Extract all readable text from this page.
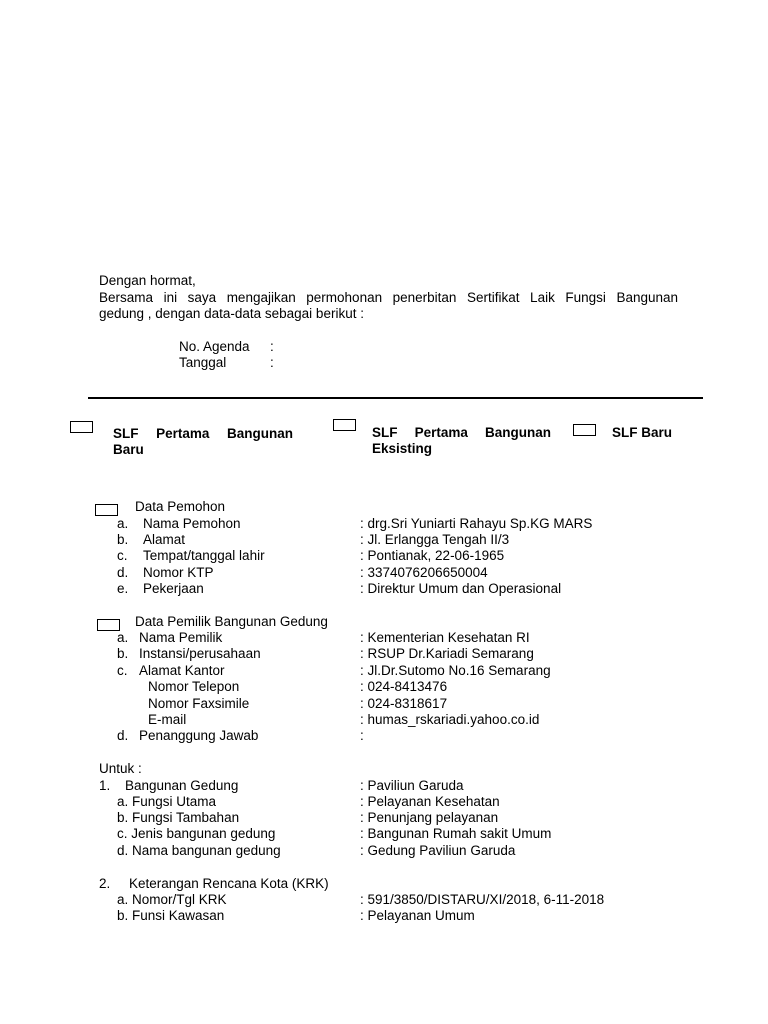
Dengan hormat,
Bersama ini saya mengajikan permohonan penerbitan Sertifikat Laik Fungsi Bangunan
gedung , dengan data-data sebagai berikut :
No. Agenda :
Tanggal	:
SLF Pertama Bangunan
Baru
SLF Pertama Bangunan
Eksisting
SLF Baru
Data Pemohon
a. Nama Pemohon	: drg.Sri Yuniarti Rahayu Sp.KG MARS
b. Alamat	: Jl. Erlangga Tengah II/3
c. Tempat/tanggal lahir	: Pontianak, 22-06-1965
d. Nomor KTP	: 3374076206650004
e. Pekerjaan	: Direktur Umum dan Operasional
Data Pemilik Bangunan Gedung
a. Nama Pemilik	: Kementerian Kesehatan RI
b. Instansi/perusahaan	: RSUP Dr.Kariadi Semarang
c. Alamat Kantor	: Jl.Dr.Sutomo No.16 Semarang
Nomor Telepon	: 024-8413476
Nomor Faxsimile	: 024-8318617
E-mail	: humas_rskariadi.yahoo.co.id
d. Penanggung Jawab	:
Untuk :
1. Bangunan Gedung	: Paviliun Garuda
a. Fungsi Utama	: Pelayanan Kesehatan
b. Fungsi Tambahan	: Penunjang pelayanan
c. Jenis bangunan gedung	: Bangunan Rumah sakit Umum
d. Nama bangunan gedung	: Gedung Paviliun Garuda
2. Keterangan Rencana Kota (KRK)
a. Nomor/Tgl KRK	: 591/3850/DISTARU/XI/2018, 6-11-2018
b. Funsi Kawasan	: Pelayanan Umum
